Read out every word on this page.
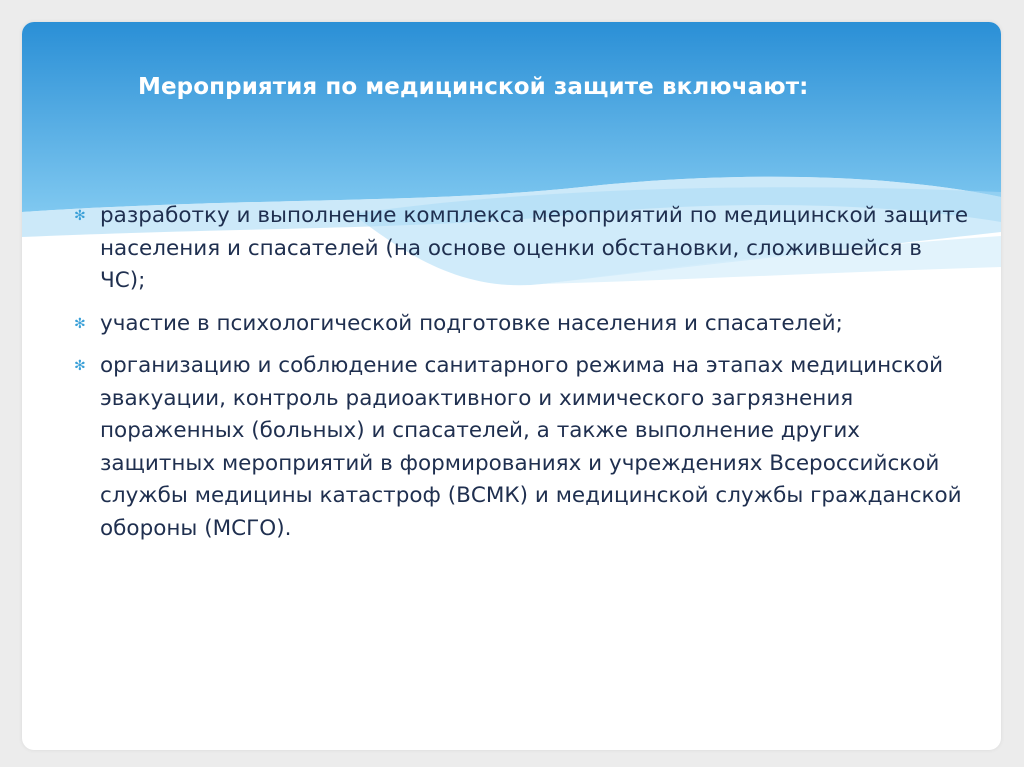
Мероприятия по медицинской защите включают:
✻ разработку и выполнение комплекса мероприятий по медицинской защите населения и спасателей (на основе оценки обстановки, сложившейся в ЧС);
✻ участие в психологической подготовке населения и спасателей;
✻ организацию и соблюдение санитарного режима на этапах медицинской эвакуации, контроль радиоактивного и химического загрязнения пораженных (больных) и спасателей, а также выполнение других защитных мероприятий в формированиях и учреждениях Всероссийской службы медицины катастроф (ВСМК) и медицинской службы гражданской обороны (МСГО).
